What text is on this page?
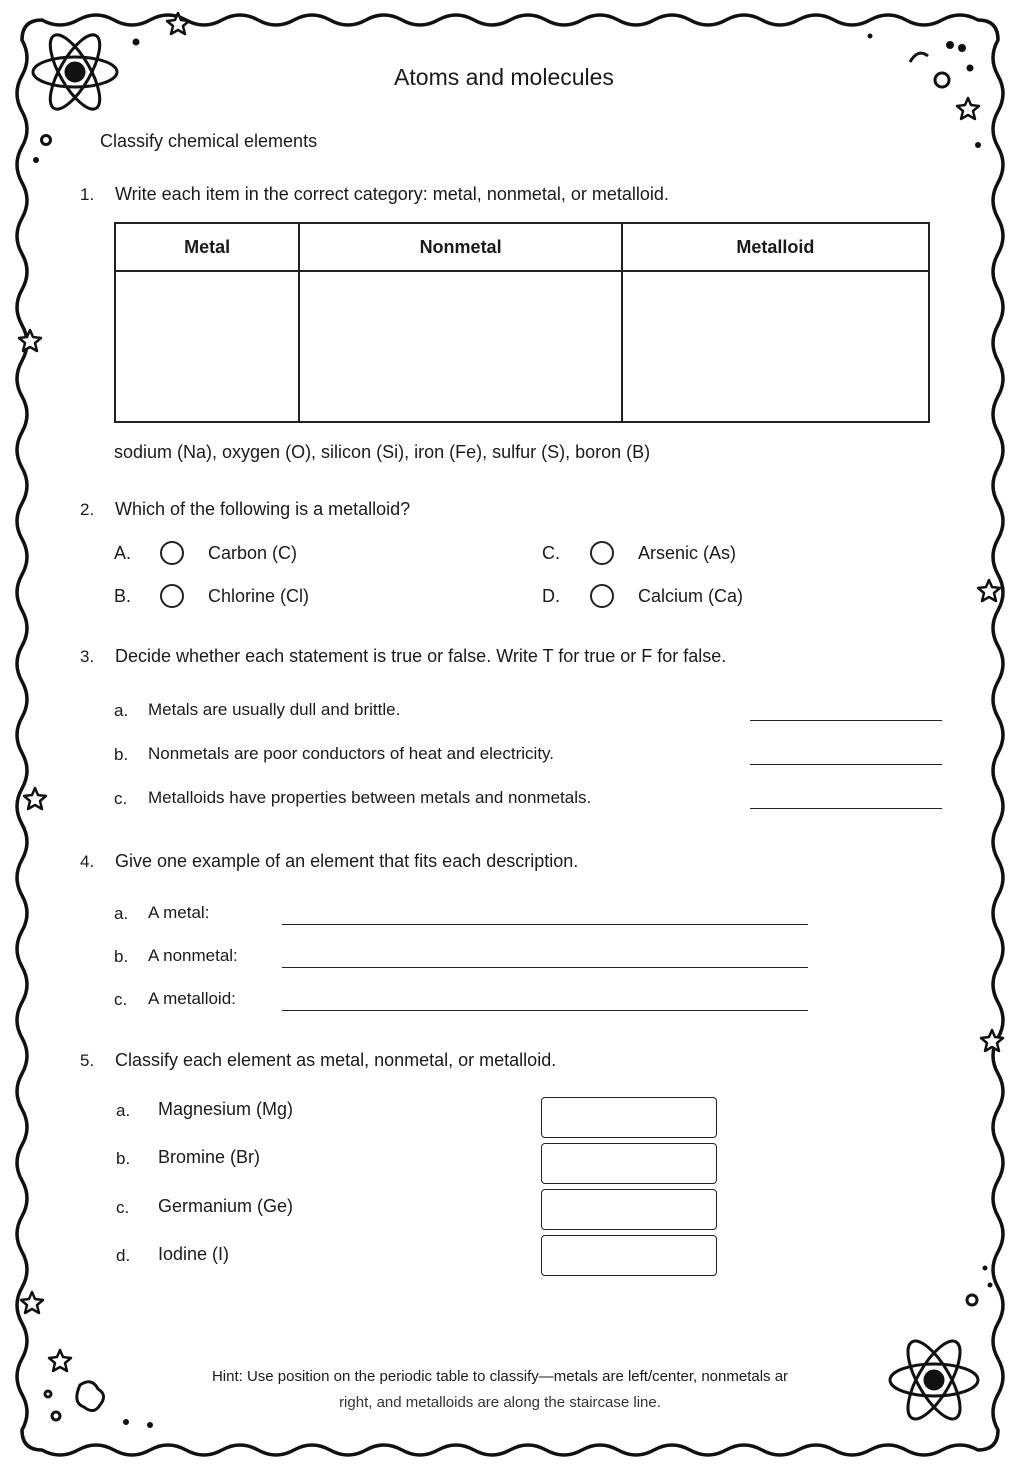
Atoms and molecules
Classify chemical elements
1. Write each item in the correct category: metal, nonmetal, or metalloid.
Metal	Nonmetal	Metalloid

sodium (Na), oxygen (O), silicon (Si), iron (Fe), sulfur (S), boron (B)
2. Which of the following is a metalloid?
A.	Carbon (C)
B.	Chlorine (Cl)
C.	Arsenic (As)
D.	Calcium (Ca)
3. Decide whether each statement is true or false. Write T for true or F for false.
a. Metals are usually dull and brittle.
b. Nonmetals are poor conductors of heat and electricity.
c. Metalloids have properties between metals and nonmetals.
4. Give one example of an element that fits each description.
a. A metal:
b. A nonmetal:
c. A metalloid:
5. Classify each element as metal, nonmetal, or metalloid.
a. Magnesium (Mg)
b. Bromine (Br)
c. Germanium (Ge)
d. Iodine (I)
Hint: Use position on the periodic table to classify—metals are left/center, nonmetals ar
right, and metalloids are along the staircase line.
